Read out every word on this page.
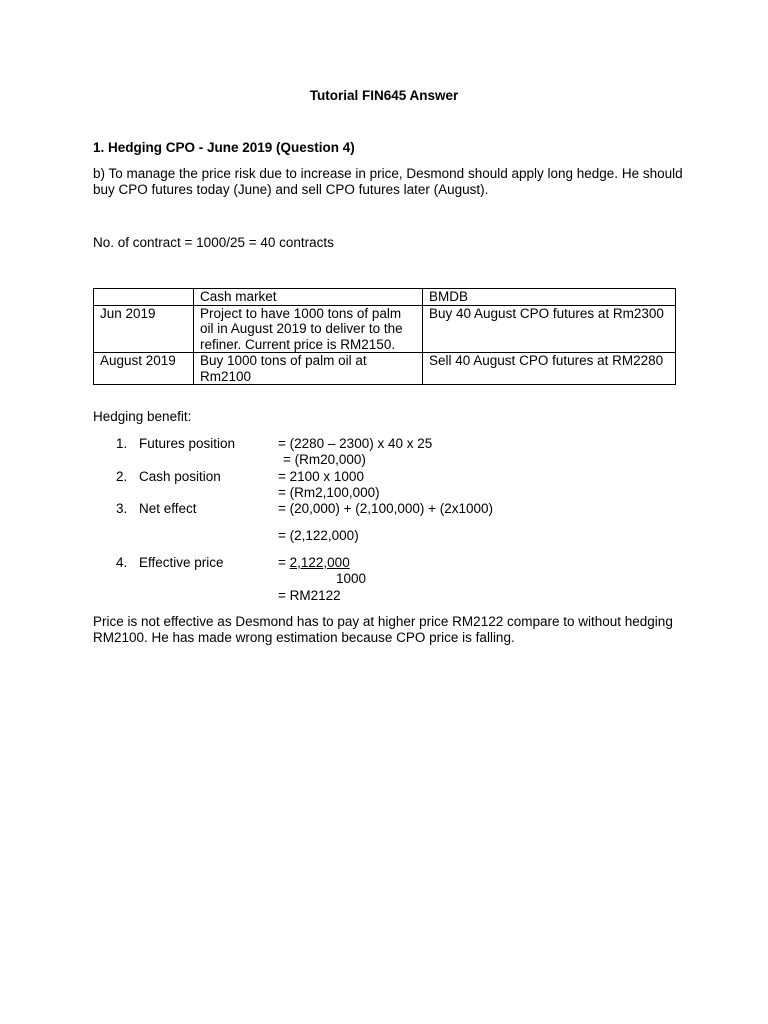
Tutorial FIN645 Answer
1. Hedging CPO - June 2019 (Question 4)
b) To manage the price risk due to increase in price, Desmond should apply long hedge. He should buy CPO futures today (June) and sell CPO futures later (August).
No. of contract = 1000/25 = 40 contracts
	Cash market	BMDB
Jun 2019	Project to have 1000 tons of palm oil in August 2019 to deliver to the refiner. Current price is RM2150.	Buy 40 August CPO futures at Rm2300
August 2019	Buy 1000 tons of palm oil at Rm2100	Sell 40 August CPO futures at RM2280
Hedging benefit:
1. Futures position	= (2280 – 2300) x 40 x 25
= (Rm20,000)
2. Cash position	= 2100 x 1000
= (Rm2,100,000)
3. Net effect	= (20,000) + (2,100,000) + (2x1000)
= (2,122,000)
4. Effective price	= 2,122,000
1000
= RM2122
Price is not effective as Desmond has to pay at higher price RM2122 compare to without hedging RM2100. He has made wrong estimation because CPO price is falling.
